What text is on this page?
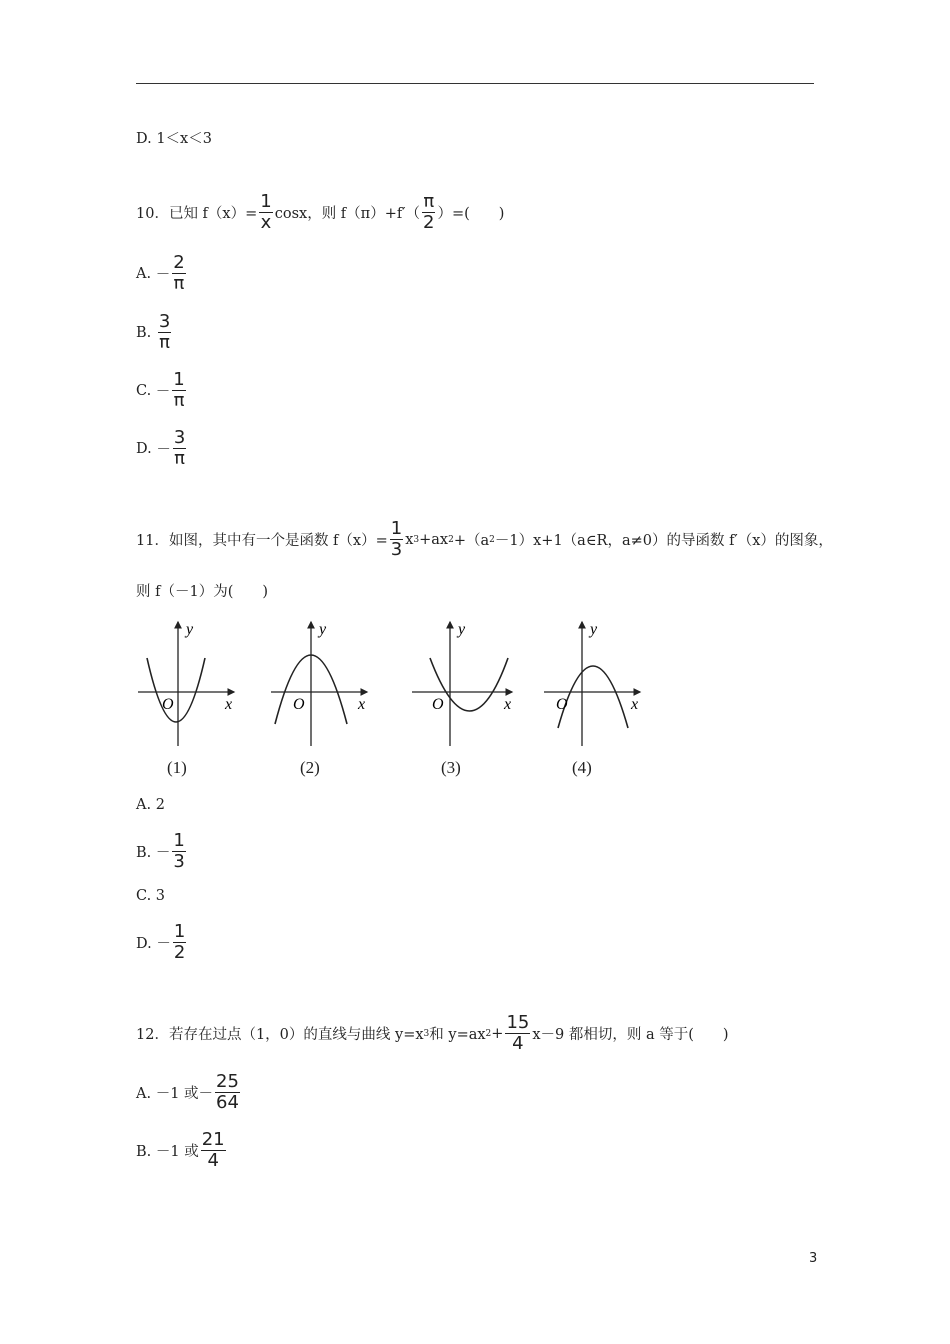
D. 1＜x＜3
10．已知 $f(x)= \frac{1}{x}$ cosx，则 $f(\pi)+f'( \frac{\pi}{2}$ ）=(　　)
A.
－ $\frac{2}{\pi}$
B.
$\frac{3}{\pi}$
C.
－ $\frac{1}{\pi}$
D.
－ $\frac{3}{\pi}$
11．如图，其中有一个是函数 $f(x)= \frac{1}{3}$ x 3 +ax 2 +（a 2 －1）x+1（a∈R，a≠0）的导函数 f′（x）的图象，
则 f（－1）为(　　)
y
x
O
(1)
y
x
O
(2)
y
x
O
(3)
y
x
O
(4)
A. 2
B. － $\frac{1}{3}$
C. 3
D. － $\frac{1}{2}$
12．若存在过点（1，0）的直线与曲线 y=x 3 和 y=ax $2 + \frac{15}{4} x-9$ 都相切，则 a 等于(　　)
A. －1 或－ $\frac{25}{64}$
B. －1 或 $\frac{21}{4}$
3
